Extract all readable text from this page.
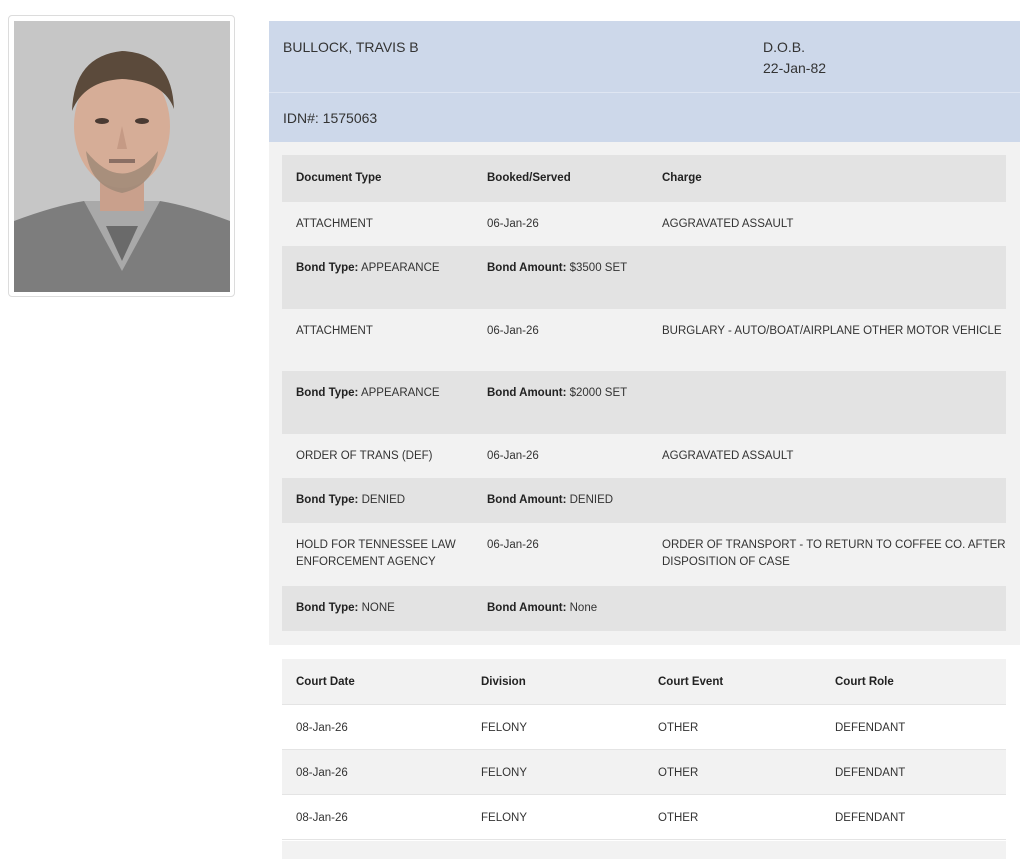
BULLOCK, TRAVIS B	D.O.B.
22-Jan-82
IDN#: 1575063
Document Type	Booked/Served	Charge
ATTACHMENT	06-Jan-26	AGGRAVATED ASSAULT
Bond Type: APPEARANCE	Bond Amount: $3500 SET	
ATTACHMENT	06-Jan-26	BURGLARY - AUTO/BOAT/AIRPLANE OTHER MOTOR VEHICLE
Bond Type: APPEARANCE	Bond Amount: $2000 SET	
ORDER OF TRANS (DEF)	06-Jan-26	AGGRAVATED ASSAULT
Bond Type: DENIED	Bond Amount: DENIED	
HOLD FOR TENNESSEE LAW ENFORCEMENT AGENCY	06-Jan-26	ORDER OF TRANSPORT - TO RETURN TO COFFEE CO. AFTER DISPOSITION OF CASE
Bond Type: NONE	Bond Amount: None	
Court Date	Division	Court Event	Court Role
08-Jan-26	FELONY	OTHER	DEFENDANT
08-Jan-26	FELONY	OTHER	DEFENDANT
08-Jan-26	FELONY	OTHER	DEFENDANT
